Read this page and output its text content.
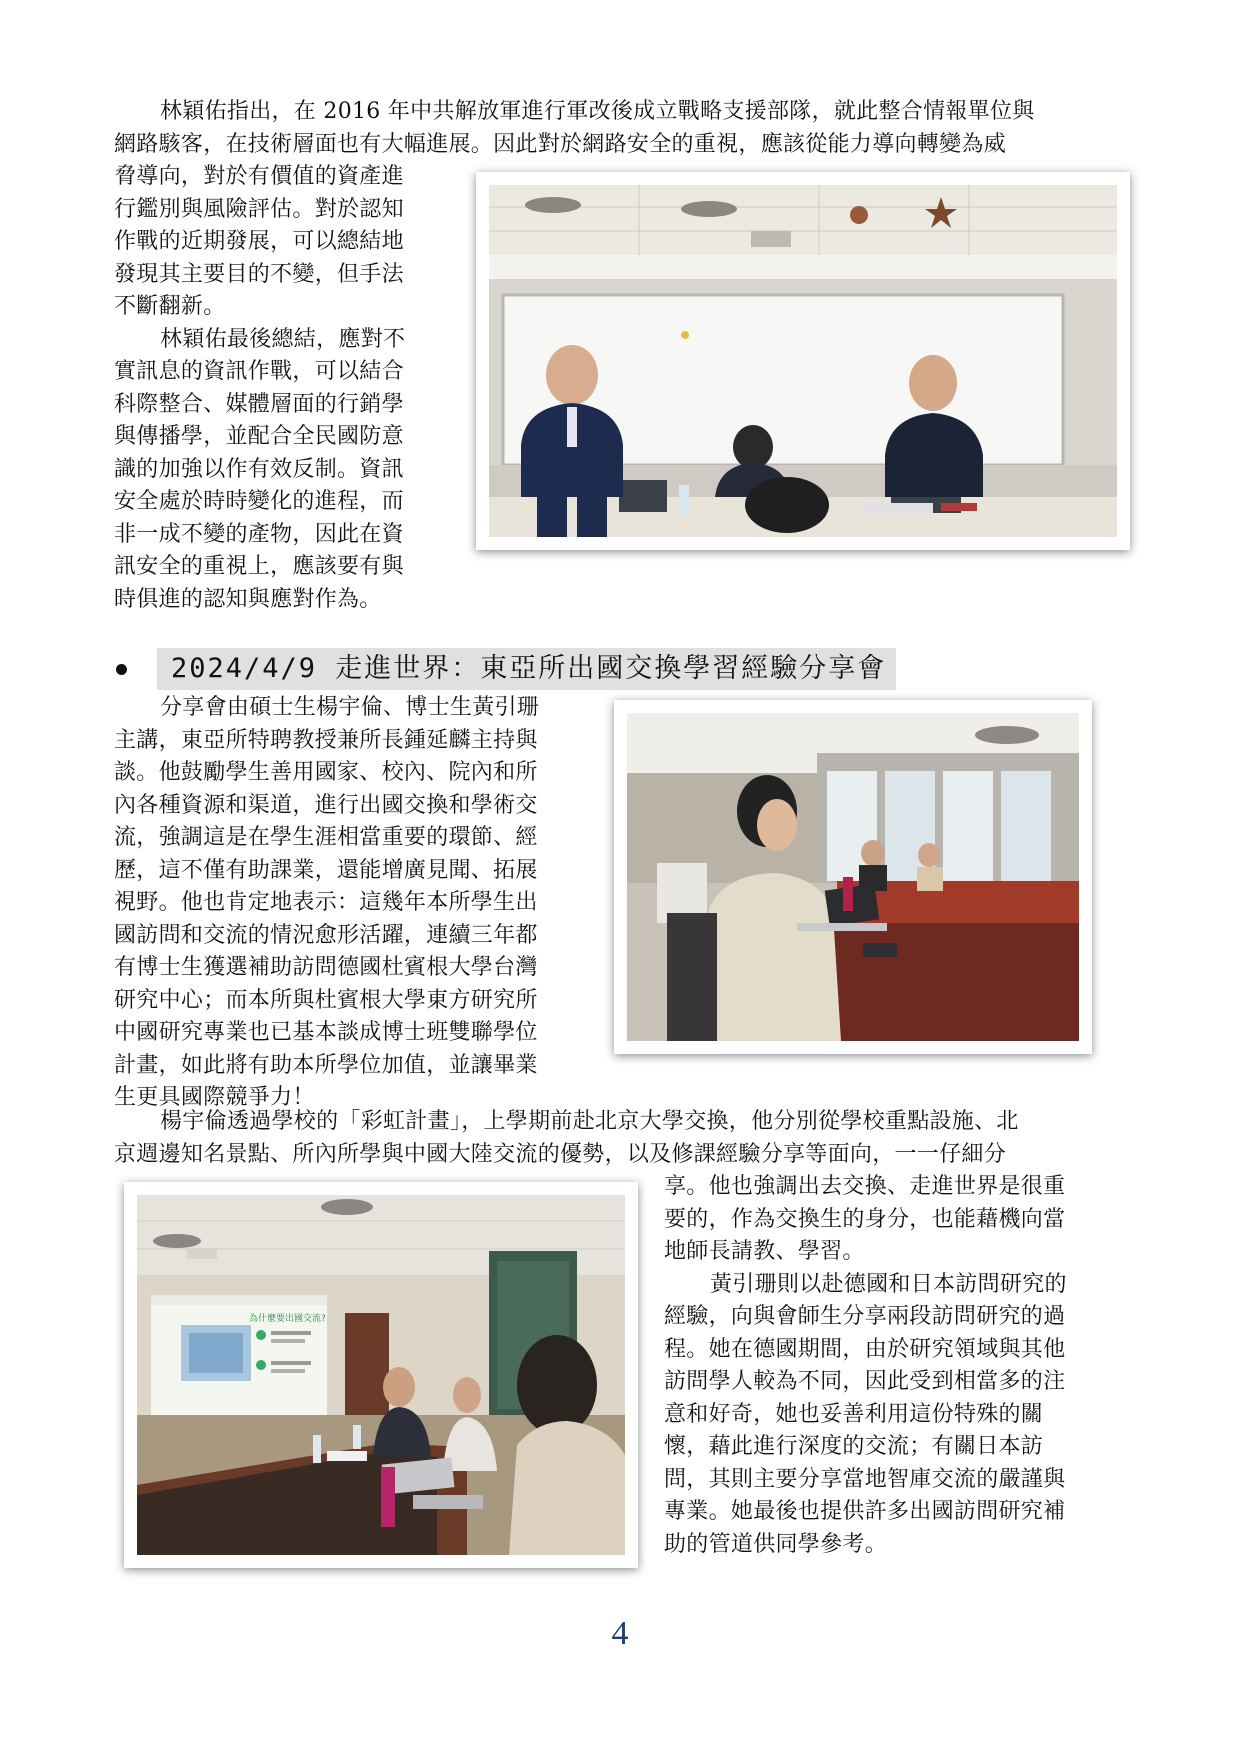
林穎佑指出，在 2016 年中共解放軍進行軍改後成立戰略支援部隊，就此整合情報單位與
網路駭客，在技術層面也有大幅進展。因此對於網路安全的重視，應該從能力導向轉變為威
脅導向，對於有價值的資產進
行鑑別與風險評估。對於認知
作戰的近期發展，可以總結地
發現其主要目的不變，但手法
不斷翻新。
林穎佑最後總結，應對不
實訊息的資訊作戰，可以結合
科際整合、媒體層面的行銷學
與傳播學，並配合全民國防意
識的加強以作有效反制。資訊
安全處於時時變化的進程，而
非一成不變的產物，因此在資
訊安全的重視上，應該要有與
時俱進的認知與應對作為。
2024/4/9 走進世界：東亞所出國交換學習經驗分享會
分享會由碩士生楊宇倫、博士生黃引珊
主講，東亞所特聘教授兼所長鍾延麟主持與
談。他鼓勵學生善用國家、校內、院內和所
內各種資源和渠道，進行出國交換和學術交
流，強調這是在學生涯相當重要的環節、經
歷，這不僅有助課業，還能增廣見聞、拓展
視野。他也肯定地表示：這幾年本所學生出
國訪問和交流的情況愈形活躍，連續三年都
有博士生獲選補助訪問德國杜賓根大學台灣
研究中心；而本所與杜賓根大學東方研究所
中國研究專業也已基本談成博士班雙聯學位
計畫，如此將有助本所學位加值，並讓畢業
生更具國際競爭力！
楊宇倫透過學校的「彩虹計畫」，上學期前赴北京大學交換，他分別從學校重點設施、北
京週邊知名景點、所內所學與中國大陸交流的優勢，以及修課經驗分享等面向，一一仔細分
享。他也強調出去交換、走進世界是很重
要的，作為交換生的身分，也能藉機向當
地師長請教、學習。
黃引珊則以赴德國和日本訪問研究的
經驗，向與會師生分享兩段訪問研究的過
程。她在德國期間，由於研究領域與其他
訪問學人較為不同，因此受到相當多的注
意和好奇，她也妥善利用這份特殊的關
懷，藉此進行深度的交流；有關日本訪
問，其則主要分享當地智庫交流的嚴謹與
專業。她最後也提供許多出國訪問研究補
助的管道供同學參考。
為什麼要出國交流?
4
